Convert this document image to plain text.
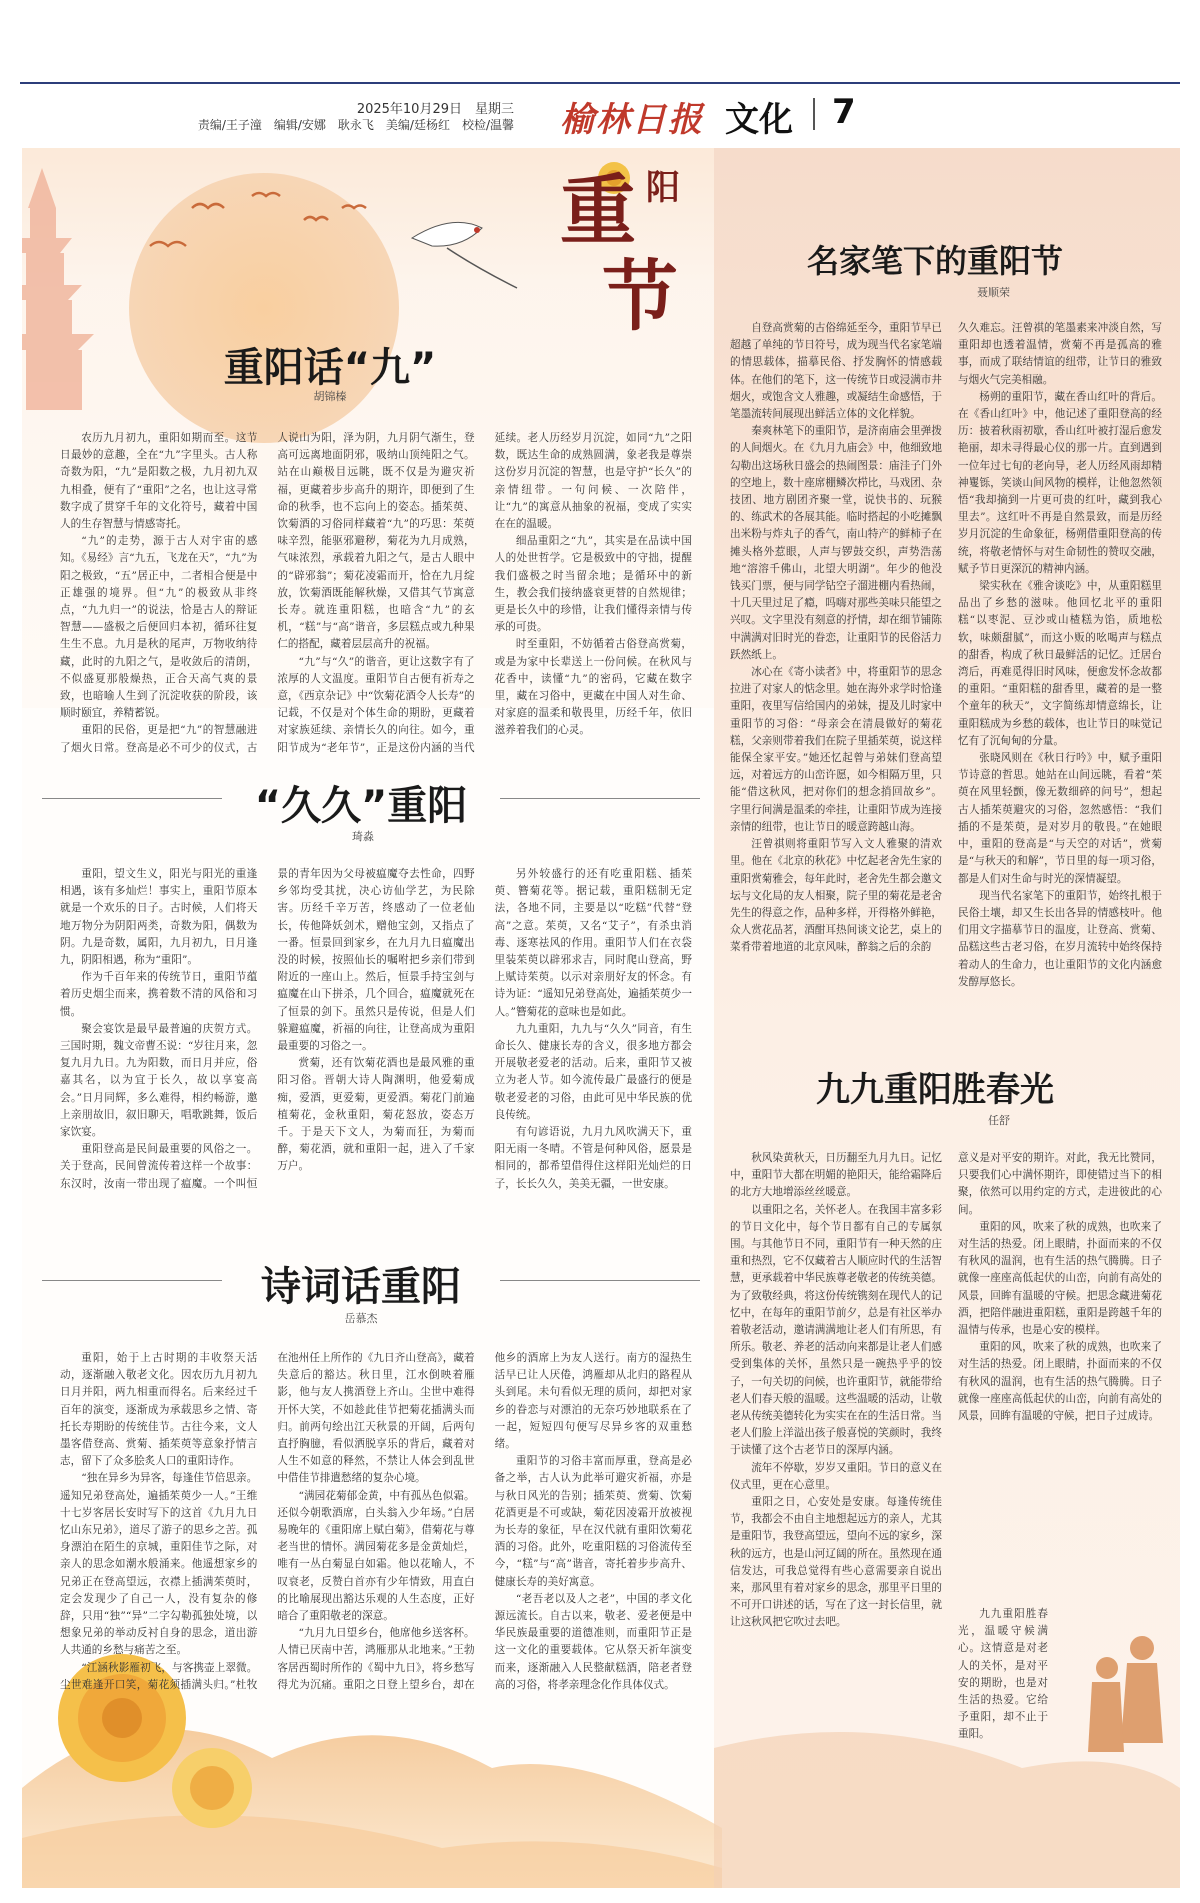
2025年10月29日　星期三
责编/王子潼　编辑/安娜　耿永飞　美编/廷杨红　校检/温馨 榆林日报 文化 7
重 阳
节
重阳话“九”
胡锦榛

农历九月初九，重阳如期而至。这节日最妙的意趣，全在“九”字里头。古人称奇数为阳，“九”是阳数之极，九月初九双九相叠，便有了“重阳”之名，也让这寻常数字成了贯穿千年的文化符号，藏着中国人的生存智慧与情感寄托。

“九”的走势，源于古人对宇宙的感知。《易经》言“九五，飞龙在天”，“九”为阳之极致，“五”居正中，二者相合便是中正雄强的境界。但“九”的极致从非终点，“九九归一”的说法，恰是古人的辩证智慧——盛极之后便回归本初，循环往复生生不息。九月是秋的尾声，万物收纳待藏，此时的九阳之气，是收敛后的清朗，不似盛夏那般燥热，正合天高气爽的景致，也暗喻人生到了沉淀收获的阶段，该顺时颐宜，养精蓄锐。

重阳的民俗，更是把“九”的智慧融进了烟火日常。登高是必不可少的仪式，古人说山为阳，泽为阴，九月阴气渐生，登高可远离地面阴邪，吸纳山顶纯阳之气。站在山巅极目远眺，既不仅是为避灾祈福，更藏着步步高升的期许，即便到了生命的秋季，也不忘向上的姿态。插茱萸、饮菊酒的习俗同样藏着“九”的巧思：茱萸味辛烈，能驱邪避秽，菊花为九月成熟，气味浓烈，承载着九阳之气，是古人眼中的“辟邪翁”；菊花凌霜而开，恰在九月绽放，饮菊酒既能解秋燥，又借其气节寓意长寿。就连重阳糕，也暗含“九”的玄机，“糕”与“高”谐音，多层糕点或九种果仁的搭配，藏着层层高升的祝福。

“九”与“久”的谐音，更让这数字有了浓厚的人文温度。重阳节自古便有祈寿之意，《西京杂记》中“饮菊花酒令人长寿”的记载，不仅是对个体生命的期盼，更藏着对家族延续、亲情长久的向往。如今，重阳节成为“老年节”，正是这份内涵的当代延续。老人历经岁月沉淀，如同“九”之阳数，既达生命的成熟圆满，象老我是尊崇这份岁月沉淀的智慧，也是守护“长久”的亲情纽带。一句问候、一次陪伴，让“九”的寓意从抽象的祝福，变成了实实在在的温暖。

细品重阳之“九”，其实是在品读中国人的处世哲学。它是极致中的守拙，提醒我们盛极之时当留余地；是循环中的新生，教会我们接纳盛衰更替的自然规律；更是长久中的珍惜，让我们懂得亲情与传承的可贵。

时至重阳，不妨循着古俗登高赏菊，或是为家中长辈送上一份问候。在秋风与花香中，读懂“九”的密码，它藏在数字里，藏在习俗中，更藏在中国人对生命、对家庭的温柔和敬畏里，历经千年，依旧滋养着我们的心灵。

“久久”重阳
琦淼

重阳，望文生义，阳光与阳光的重逢相遇，该有多灿烂！事实上，重阳节原本就是一个欢乐的日子。古时候，人们将天地万物分为阴阳两类，奇数为阳，偶数为阴。九是奇数，属阳，九月初九，日月逢九，阴阳相遇，称为“重阳”。

作为千百年来的传统节日，重阳节蕴着历史烟尘而来，携着数不清的风俗和习惯。

聚会宴饮是最早最普遍的庆贺方式。三国时期，魏文帝曹丕说：“岁往月来，忽复九月九日。九为阳数，而日月并应，俗嘉其名，以为宜于长久，故以享宴高会。”日月同辉，多么难得，相约畅游，邀上亲朋故旧，叙旧聊天，唱歌跳舞，饭后家饮宴。

重阳登高是民间最重要的风俗之一。关于登高，民间曾流传着这样一个故事：东汉时，汝南一带出现了瘟魔。一个叫恒景的青年因为父母被瘟魔夺去性命，四野乡邻均受其扰，决心访仙学艺，为民除害。历经千辛万苦，终感动了一位老仙长，传他降妖剑术，赠他宝剑，又指点了一番。恒景回到家乡，在九月九日瘟魔出没的时候，按照仙长的嘱咐把乡亲们带到附近的一座山上。然后，恒景手持宝剑与瘟魔在山下拼杀，几个回合，瘟魔就死在了恒景的剑下。虽然只是传说，但是人们躲避瘟魔，祈福的向往，让登高成为重阳最重要的习俗之一。

赏菊，还有饮菊花酒也是最风雅的重阳习俗。晋朝大诗人陶渊明，他爱菊成痴，爱酒，更爱菊，更爱酒。菊花门前遍植菊花，金秋重阳，菊花怒放，姿态万千。于是天下文人，为菊而狂，为菊而醉，菊花酒，就和重阳一起，进入了千家万户。

另外较盛行的还有吃重阳糕、插茱萸、簪菊花等。据记载，重阳糕制无定法，各地不同，主要是以“吃糕”代替“登高”之意。茱萸，又名“艾子”，有杀虫消毒、逐寒祛风的作用。重阳节人们在衣袋里装茱萸以辟邪求吉，同时爬山登高，野上赋诗茱萸。以示对亲朋好友的怀念。有诗为证：“遥知兄弟登高处，遍插茱萸少一人。”簪菊花的意味也是如此。

九九重阳，九九与“久久”同音，有生命长久、健康长寿的含义，很多地方都会开展敬老爱老的活动。后来，重阳节又被立为老人节。如今流传最广最盛行的便是敬老爱老的习俗，由此可见中华民族的优良传统。

有句谚语说，九月九风吹满天下，重阳无雨一冬晴。不管是何种风俗，愿景是相同的，都希望借得住这样阳光灿烂的日子，长长久久，美美无疆，一世安康。

诗词话重阳
岳慕杰

重阳，始于上古时期的丰收祭天活动，逐渐融入敬老文化。因农历九月初九日月并阳，两九相重而得名。后来经过千百年的演变，逐渐成为承载思乡之情、寄托长寿期盼的传统佳节。古往今来，文人墨客借登高、赏菊、插茱萸等意象抒情言志，留下了众多脍炙人口的重阳诗作。

“独在异乡为异客，每逢佳节倍思亲。遥知兄弟登高处，遍插茱萸少一人。”王维十七岁客居长安时写下的这首《九月九日忆山东兄弟》，道尽了游子的思乡之苦。孤身漂泊在陌生的京城，重阳佳节之际，对亲人的思念如潮水般涌来。他遥想家乡的兄弟正在登高望远，衣襟上插满茱萸时，定会发现少了自己一人，没有复杂的修辞，只用“独”“异”二字勾勒孤独处境，以想象兄弟的举动反衬自身的思念，道出游人共通的乡愁与痛苦之至。

“江涵秋影雁初飞，与客携壶上翠微。尘世难逢开口笑，菊花须插满头归。”杜牧在池州任上所作的《九日齐山登高》，藏着失意后的豁达。秋日里，江水倒映着雁影，他与友人携酒登上齐山。尘世中难得开怀大笑，不如趁此佳节把菊花插满头而归。前两句绘出江天秋景的开阔，后两句直抒胸臆，看似洒脱享乐的背后，藏着对人生不如意的释然，不禁让人体会到乱世中借佳节排遣愁绪的复杂心境。

“满园花菊郁金黄，中有孤丛色似霜。还似今朝歌酒席，白头翁入少年场。”白居易晚年的《重阳席上赋白菊》，借菊花与尊老当世的情怀。满园菊花多是金黄灿烂，唯有一丛白菊显白如霜。他以花喻人，不叹衰老，反赞白首亦有少年情致，用直白的比喻展现出豁达乐观的人生态度，正好暗合了重阳敬老的深意。

“九月九日望乡台，他席他乡送客杯。人情已厌南中苦，鸿雁那从北地来。”王勃客居西蜀时所作的《蜀中九日》，将乡愁写得尤为沉痛。重阳之日登上望乡台，却在他乡的酒席上为友人送行。南方的湿热生活早已让人厌倦，鸿雁却从北归的路程从头到尾。未句看似无理的质问，却把对家乡的眷恋与对漂泊的无奈巧妙地联系在了一起，短短四句便写尽异乡客的双重愁绪。

重阳节的习俗丰富而厚重，登高是必备之举，古人认为此举可避灾祈福，亦是与秋日风光的告别；插茱萸、赏菊、饮菊花酒更是不可或缺，菊花因凌霜开放被视为长寿的象征，早在汉代就有重阳饮菊花酒的习俗。此外，吃重阳糕的习俗流传至今，“糕”与“高”谐音，寄托着步步高升、健康长寿的美好寓意。

“老吾老以及人之老”，中国的孝文化源远流长。自古以来，敬老、爱老便是中华民族最重要的道德准则，而重阳节正是这一文化的重要载体。它从祭天祈年演变而来，逐渐融入人民整献糕酒，陪老者登高的习俗，将孝亲理念化作具体仪式。

名家笔下的重阳节
聂顺荣

自登高赏菊的古俗绵延至今，重阳节早已超越了单纯的节日符号，成为现当代名家笔端的情思载体，描摹民俗、抒发胸怀的情感载体。在他们的笔下，这一传统节日或浸满市井烟火，或饱含文人雅趣，或凝结生命感悟，于笔墨流转间展现出鲜活立体的文化样貌。

秦爽林笔下的重阳节，是济南庙会里弹拨的人间烟火。在《九月九庙会》中，他细致地勾勒出这场秋日盛会的热闹图景：庙洼子门外的空地上，数十座席棚鳞次栉比，马戏团、杂技团、地方剧团齐聚一堂，说快书的、玩猴的、练武术的各展其能。临时搭起的小吃摊飘出米粉与炸丸子的香气，南山特产的鲜柿子在摊头格外惹眼，人声与锣鼓交织，声势浩荡地“溶溶千佛山，北望大明湖”。年少的他没钱买门票，便与同学钻空子溜进棚内看热闹，十几天里过足了瘾，吗嗨对那些美味只能望之兴叹。文字里没有刻意的抒情，却在细节铺陈中满满对旧时光的眷恋，让重阳节的民俗活力跃然纸上。

冰心在《寄小读者》中，将重阳节的思念拉进了对家人的惦念里。她在海外求学时恰逢重阳，夜里写信给国内的弟妹，提及儿时家中重阳节的习俗：“母亲会在清晨做好的菊花糕，父亲则带着我们在院子里插茱萸，说这样能保全家平安。”她还忆起曾与弟妹们登高望远，对着远方的山峦许愿，如今相隔万里，只能“借这秋风，把对你们的想念捎回故乡”。字里行间满是温柔的牵挂，让重阳节成为连接亲情的纽带，也让节日的暖意跨越山海。

汪曾祺则将重阳节写入文人雅聚的清欢里。他在《北京的秋花》中忆起老舍先生家的重阳赏菊雅会，每年此时，老舍先生都会邀文坛与文化局的友人相聚，院子里的菊花是老舍先生的得意之作，品种多样，开得格外鲜艳，众人赏花品茗，酒酣耳热间谈文论艺，桌上的菜肴带着地道的北京风味，醉翁之后的余韵

久久难忘。汪曾祺的笔墨素来冲淡自然，写重阳却也透着温情，赏菊不再是孤高的雅事，而成了联结情谊的纽带，让节日的雅致与烟火气完美相融。

杨朔的重阳节，藏在香山红叶的背后。在《香山红叶》中，他记述了重阳登高的经历：披着秋雨初歇，香山红叶被打湿后愈发艳丽，却未寻得最心仪的那一片。直到遇到一位年过七旬的老向导，老人历经风雨却精神矍铄，笑谈山间风物的模样，让他忽然领悟“我却摘到一片更可贵的红叶，藏到我心里去”。这红叶不再是自然景致，而是历经岁月沉淀的生命象征，杨朔借重阳登高的传统，将敬老情怀与对生命韧性的赞叹交融，赋予节日更深沉的精神内涵。

梁实秋在《雅舍谈吃》中，从重阳糕里品出了乡愁的滋味。他回忆北平的重阳糕“以枣泥、豆沙或山楂糕为馅，质地松软，味颇甜腻”，而这小贩的吆喝声与糕点的甜香，构成了秋日最鲜活的记忆。迁居台湾后，再难觅得旧时风味，便愈发怀念故都的重阳。“重阳糕的甜香里，藏着的是一整个童年的秋天”，文字简练却情意绵长，让重阳糕成为乡愁的载体，也让节日的味觉记忆有了沉甸甸的分量。

张晓风则在《秋日行吟》中，赋予重阳节诗意的哲思。她站在山间远眺，看着“茱萸在风里轻颤，像无数细碎的问号”，想起古人插茱萸避灾的习俗，忽然感悟：“我们插的不是茱萸，是对岁月的敬畏。”在她眼中，重阳的登高是“与天空的对话”，赏菊是“与秋天的和解”，节日里的每一项习俗，都是人们对生命与时光的深情凝望。

现当代名家笔下的重阳节，始终扎根于民俗土壤，却又生长出各异的情感枝叶。他们用文字描摹节日的温度，让登高、赏菊、品糕这些古老习俗，在岁月流转中始终保持着动人的生命力，也让重阳节的文化内涵愈发醇厚悠长。

九九重阳胜春光
任舒

秋风染黄秋天，日历翻至九月九日。记忆中，重阳节大都在明媚的艳阳天，能给霜降后的北方大地增添丝丝暖意。

以重阳之名，关怀老人。在我国丰富多彩的节日文化中，每个节日都有自己的专属氛围。与其他节日不同，重阳节有一种天然的庄重和热烈，它不仅藏着古人顺应时代的生活智慧，更承载着中华民族尊老敬老的传统美德。为了致敬经典，将这份传统镌刻在现代人的记忆中，在每年的重阳节前夕，总是有社区举办着敬老活动，邀请满满地让老人们有所思，有所乐。敬老、养老的活动向来都是让老人们感受到集体的关怀，虽然只是一碗热乎乎的饺子，一句关切的问候，也许重阳节，就能带给老人们春天般的温暖。这些温暖的活动，让敬老从传统美德转化为实实在在的生活日常。当老人们脸上洋溢出孩子般喜悦的笑颜时，我终于读懂了这个古老节日的深厚内涵。

流年不停歇，岁岁又重阳。节日的意义在仪式里，更在心意里。

重阳之日，心安处是安康。每逢传统佳节，我都会不由自主地想起远方的亲人，尤其是重阳节，我登高望远，望向不远的家乡，深秋的远方，也是山河辽阔的所在。虽然现在通信发达，可我总觉得有些心意需要亲自说出来，那风里有着对家乡的思念，那里平日里的不可开口讲述的话，写在了这一封长信里，就让这秋风把它吹过去吧。

意义是对平安的期许。对此，我无比赞同，只要我们心中满怀期许，即使错过当下的相聚，依然可以用约定的方式，走进彼此的心间。

重阳的风，吹来了秋的成熟，也吹来了对生活的热爱。闭上眼睛，扑面而来的不仅有秋风的温润，也有生活的热气腾腾。日子就像一座座高低起伏的山峦，向前有高处的风景，回眸有温暖的守候。把思念藏进菊花酒，把陪伴融进重阳糕，重阳是跨越千年的温情与传承，也是心安的模样。

重阳的风，吹来了秋的成熟，也吹来了对生活的热爱。闭上眼睛，扑面而来的不仅有秋风的温润，也有生活的热气腾腾。日子就像一座座高低起伏的山峦，向前有高处的风景，回眸有温暖的守候，把日子过成诗。

九九重阳胜春光，温暖守候满心。这情意是对老人的关怀，是对平安的期盼，也是对生活的热爱。它给予重阳，却不止于重阳。
